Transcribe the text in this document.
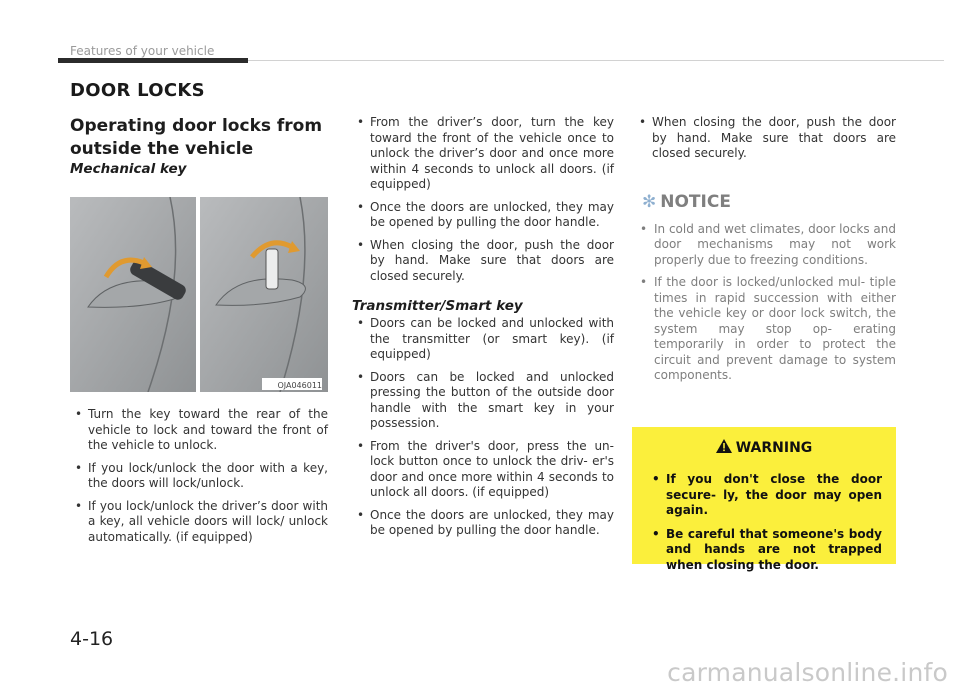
Features of your vehicle
DOOR LOCKS
Operating door locks from outside the vehicle
Mechanical key
OJA046011
• Turn the key toward the rear of the vehicle to lock and toward the front of the vehicle to unlock.
• If you lock/unlock the door with a key, the doors will lock/unlock.
• If you lock/unlock the driver’s door with a key, all vehicle doors will lock/ unlock automatically. (if equipped)
• From the driver’s door, turn the key toward the front of the vehicle once to unlock the driver’s door and once more within 4 seconds to unlock all doors. (if equipped)
• Once the doors are unlocked, they may be opened by pulling the door handle.
• When closing the door, push the door by hand. Make sure that doors are closed securely.
Transmitter/Smart key
• Doors can be locked and unlocked with the transmitter (or smart key). (if equipped)
• Doors can be locked and unlocked pressing the button of the outside door handle with the smart key in your possession.
• From the driver's door, press the un- lock button once to unlock the driv- er's door and once more within 4 seconds to unlock all doors. (if equipped)
• Once the doors are unlocked, they may be opened by pulling the door handle.
• When closing the door, push the door by hand. Make sure that doors are closed securely.
✻ NOTICE
• In cold and wet climates, door locks and door mechanisms may not work properly due to freezing conditions.
• If the door is locked/unlocked mul- tiple times in rapid succession with either the vehicle key or door lock switch, the system may stop op- erating temporarily in order to protect the circuit and prevent damage to system components.
WARNING
• If you don't close the door secure- ly, the door may open again.
• Be careful that someone's body and hands are not trapped when closing the door.
4-16
carmanualsonline.info
